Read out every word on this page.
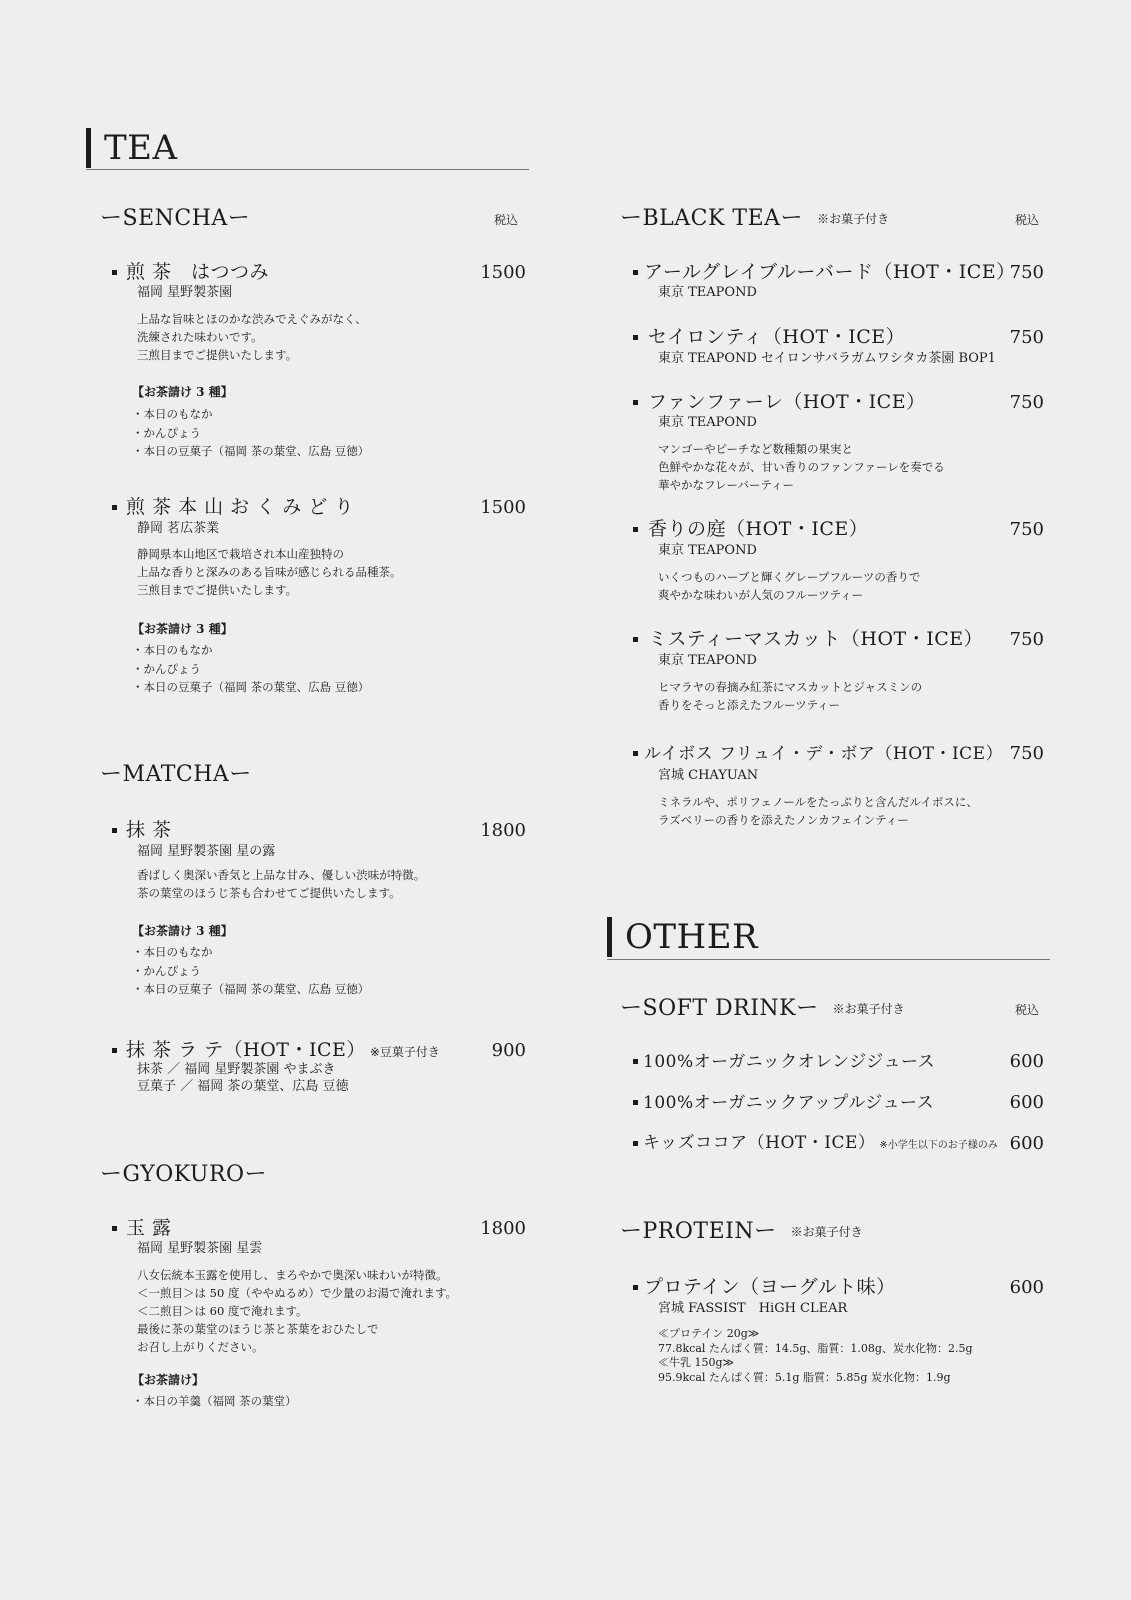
TEA
ーSENCHAー	税込
煎 茶　はつつみ	1500
福岡 星野製茶園
上品な旨味とほのかな渋みでえぐみがなく、
洗練された味わいです。
三煎目までご提供いたします。
【お茶請け 3 種】
・本日のもなか
・かんぴょう
・本日の豆菓子（福岡 茶の葉堂、広島 豆徳）
煎 茶 本 山 お く み ど り	1500
静岡 茗広茶業
静岡県本山地区で栽培され本山産独特の
上品な香りと深みのある旨味が感じられる品種茶。
三煎目までご提供いたします。
【お茶請け 3 種】
・本日のもなか
・かんぴょう
・本日の豆菓子（福岡 茶の葉堂、広島 豆徳）
ーMATCHAー
抹 茶	1800
福岡 星野製茶園 星の露
香ばしく奥深い香気と上品な甘み、優しい渋味が特徴。
茶の葉堂のほうじ茶も合わせてご提供いたします。
【お茶請け 3 種】
・本日のもなか
・かんぴょう
・本日の豆菓子（福岡 茶の葉堂、広島 豆徳）
抹 茶 ラ テ（HOT・ICE） ※豆菓子付き	900
抹茶 ／ 福岡 星野製茶園 やまぶき
豆菓子 ／ 福岡 茶の葉堂、広島 豆徳
ーGYOKUROー
玉 露	1800
福岡 星野製茶園 星雲
八女伝統本玉露を使用し、まろやかで奥深い味わいが特徴。
＜一煎目＞は 50 度（ややぬるめ）で少量のお湯で淹れます。
＜二煎目＞は 60 度で淹れます。
最後に茶の葉堂のほうじ茶と茶葉をおひたしで
お召し上がりください。
【お茶請け】
・本日の羊羹（福岡 茶の葉堂）
ーBLACK TEAー ※お菓子付き	税込
アールグレイブルーバード（HOT・ICE）
750
東京 TEAPOND
セイロンティ（HOT・ICE）	750
東京 TEAPOND セイロンサバラガムワシタカ茶園 BOP1
ファンファーレ（HOT・ICE）	750
東京 TEAPOND
マンゴーやピーチなど数種類の果実と
色鮮やかな花々が、甘い香りのファンファーレを奏でる
華やかなフレーバーティー
香りの庭（HOT・ICE）	750
東京 TEAPOND
いくつものハーブと輝くグレープフルーツの香りで
爽やかな味わいが人気のフルーツティー
ミスティーマスカット（HOT・ICE）	750
東京 TEAPOND
ヒマラヤの春摘み紅茶にマスカットとジャスミンの
香りをそっと添えたフルーツティー
ルイボス フリュイ・デ・ボア（HOT・ICE） 750
宮城 CHAYUAN
ミネラルや、ポリフェノールをたっぷりと含んだルイボスに、
ラズベリーの香りを添えたノンカフェインティー
OTHER
ーSOFT DRINKー ※お菓子付き	税込
100%オーガニックオレンジジュース	600
100%オーガニックアップルジュース	600
キッズココア（HOT・ICE） ※小学生以下のお子様のみ 600
ーPROTEINー ※お菓子付き
プロテイン（ヨーグルト味）	600
宮城 FASSIST　HiGH CLEAR
≪プロテイン 20g≫
77.8kcal たんぱく質：14.5g、脂質：1.08g、炭水化物：2.5g
≪牛乳 150g≫
95.9kcal たんぱく質：5.1g 脂質：5.85g 炭水化物：1.9g
